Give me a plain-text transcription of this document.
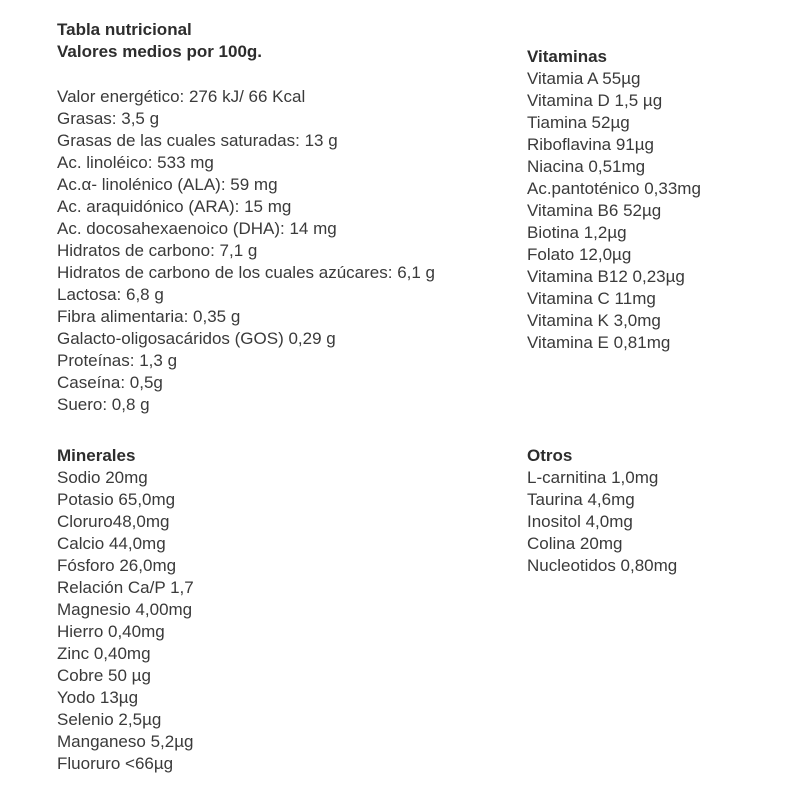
Tabla nutricional
Valores medios por 100g.
Valor energético: 276 kJ/ 66 Kcal
Grasas: 3,5 g
Grasas de las cuales saturadas: 13 g
Ac. linoléico: 533 mg
Ac.α- linolénico (ALA): 59 mg
Ac. araquidónico (ARA): 15 mg
Ac. docosahexaenoico (DHA): 14 mg
Hidratos de carbono: 7,1 g
Hidratos de carbono de los cuales azúcares: 6,1 g
Lactosa: 6,8 g
Fibra alimentaria: 0,35 g
Galacto-oligosacáridos (GOS) 0,29 g
Proteínas: 1,3 g
Caseína: 0,5g
Suero: 0,8 g
Minerales
Sodio 20mg
Potasio 65,0mg
Cloruro48,0mg
Calcio 44,0mg
Fósforo 26,0mg
Relación Ca/P 1,7
Magnesio 4,00mg
Hierro 0,40mg
Zinc 0,40mg
Cobre 50 µg
Yodo 13µg
Selenio 2,5µg
Manganeso 5,2µg
Fluoruro <66µg
Vitaminas
Vitamia A 55µg
Vitamina D 1,5 µg
Tiamina 52µg
Riboflavina 91µg
Niacina 0,51mg
Ac.pantoténico 0,33mg
Vitamina B6 52µg
Biotina 1,2µg
Folato 12,0µg
Vitamina B12 0,23µg
Vitamina C 11mg
Vitamina K 3,0mg
Vitamina E 0,81mg
Otros
L-carnitina 1,0mg
Taurina 4,6mg
Inositol 4,0mg
Colina 20mg
Nucleotidos 0,80mg
